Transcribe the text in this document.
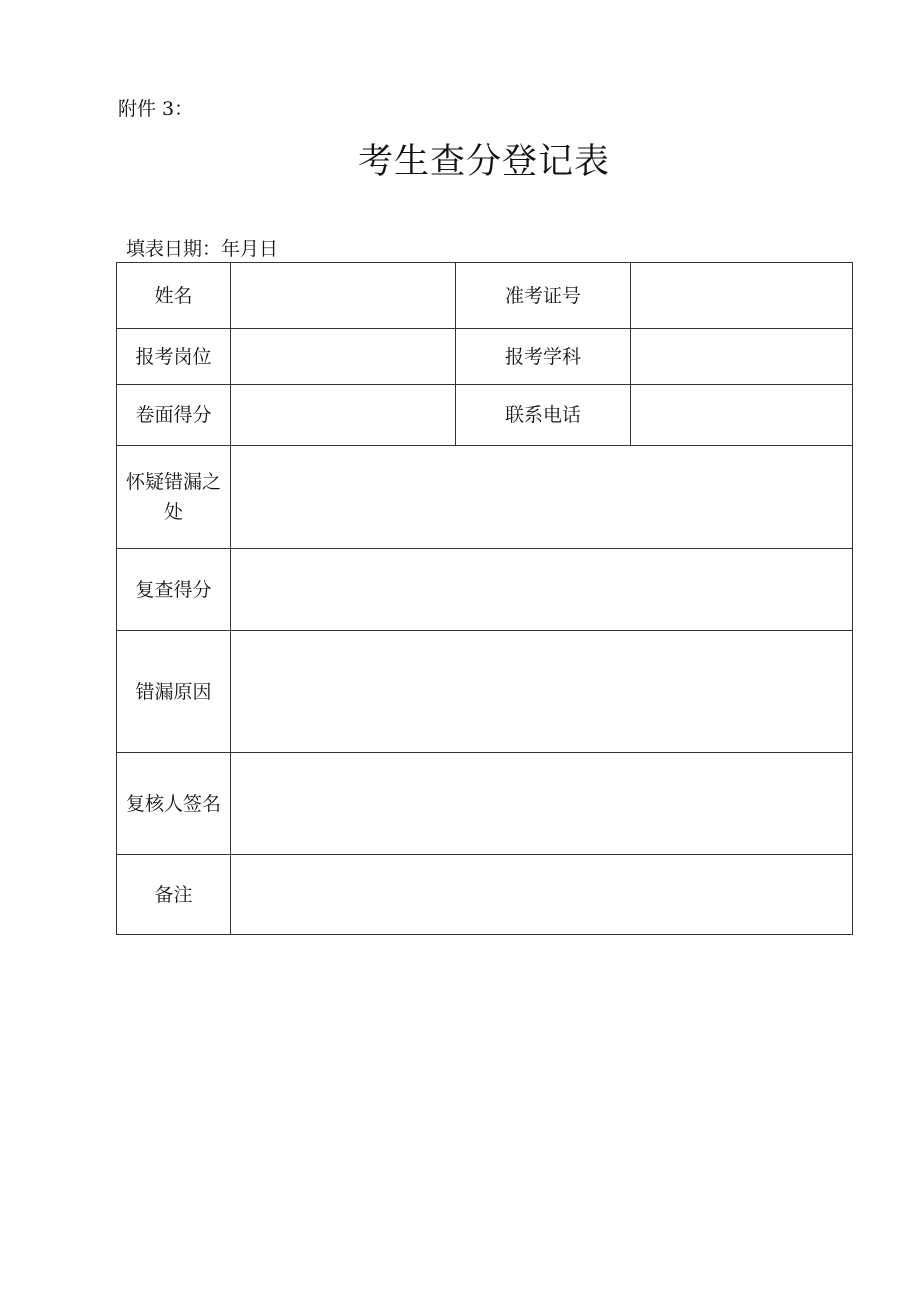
附件 3：
考生查分登记表
填表日期：年月日
姓名		准考证号	
报考岗位		报考学科	
卷面得分		联系电话	
怀疑错漏之处			
复查得分			
错漏原因			
复核人签名			
备注			
